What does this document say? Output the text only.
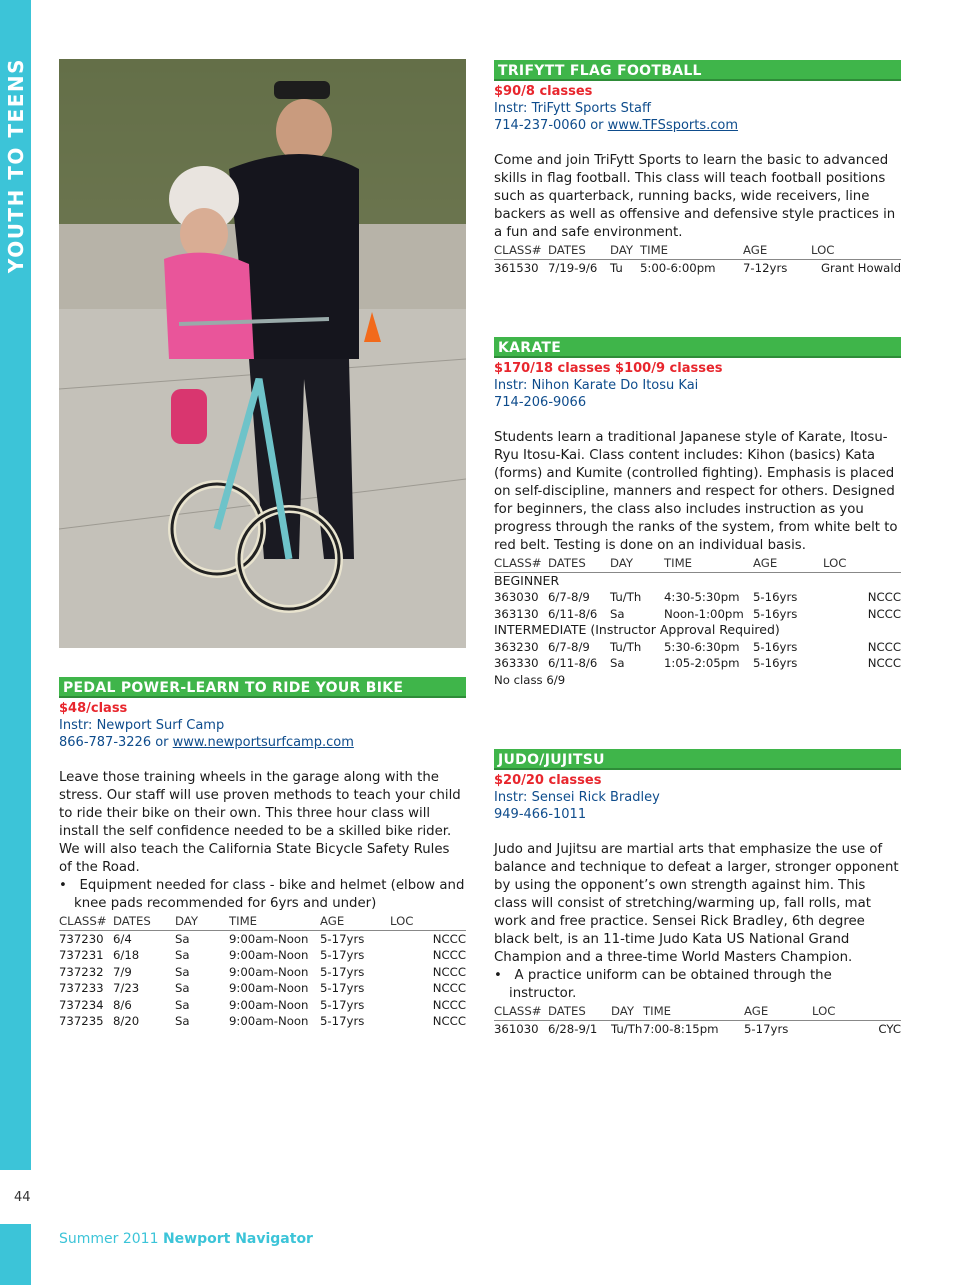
YOUTH TO TEENS
44
Summer 2011 Newport Navigator
TRIFYTT FLAG FOOTBALL
$90/8 classes
Instr: TriFytt Sports Staff
714-237-0060 or www.TFSsports.com
Come and join TriFytt Sports to learn the basic to advanced skills in flag football. This class will teach football positions such as quarterback, running backs, wide receivers, line backers as well as offensive and defensive style practices in a fun and safe environment.
CLASS#	DATES	DAY	TIME	AGE	LOC
361530	7/19-9/6	Tu	5:00-6:00pm	7-12yrs	Grant Howald
KARATE
$170/18 classes $100/9 classes
Instr: Nihon Karate Do Itosu Kai
714-206-9066
Students learn a traditional Japanese style of Karate, Itosu-Ryu Itosu-Kai. Class content includes: Kihon (basics) Kata (forms) and Kumite (controlled fighting). Emphasis is placed on self-discipline, manners and respect for others. Designed for beginners, the class also includes instruction as you progress through the ranks of the system, from white belt to red belt. Testing is done on an individual basis.
CLASS#	DATES	DAY	TIME	AGE	LOC
BEGINNER					
363030	6/7-8/9	Tu/Th	4:30-5:30pm	5-16yrs	NCCC
363130	6/11-8/6	Sa	Noon-1:00pm	5-16yrs	NCCC
INTERMEDIATE (Instructor Approval Required)					
363230	6/7-8/9	Tu/Th	5:30-6:30pm	5-16yrs	NCCC
363330	6/11-8/6	Sa	1:05-2:05pm	5-16yrs	NCCC
No class 6/9
JUDO/JUJITSU
$20/20 classes
Instr: Sensei Rick Bradley
949-466-1011
Judo and Jujitsu are martial arts that emphasize the use of balance and technique to defeat a larger, stronger opponent by using the opponent’s own strength against him. This class will consist of stretching/warming up, fall rolls, mat work and free practice. Sensei Rick Bradley, 6th degree black belt, is an 11-time Judo Kata US National Grand Champion and a three-time World Masters Champion.
•   A practice uniform can be obtained through the instructor.
CLASS#	DATES	DAY	TIME	AGE	LOC
361030	6/28-9/1	Tu/Th	7:00-8:15pm	5-17yrs	CYC
PEDAL POWER-LEARN TO RIDE YOUR BIKE
$48/class
Instr: Newport Surf Camp
866-787-3226 or www.newportsurfcamp.com
Leave those training wheels in the garage along with the stress. Our staff will use proven methods to teach your child to ride their bike on their own. This three hour class will install the self confidence needed to be a skilled bike rider. We will also teach the California State Bicycle Safety Rules of the Road.
•   Equipment needed for class - bike and helmet (elbow and knee pads recommended for 6yrs and under)
CLASS#	DATES	DAY	TIME	AGE	LOC
737230	6/4	Sa	9:00am-Noon	5-17yrs	NCCC
737231	6/18	Sa	9:00am-Noon	5-17yrs	NCCC
737232	7/9	Sa	9:00am-Noon	5-17yrs	NCCC
737233	7/23	Sa	9:00am-Noon	5-17yrs	NCCC
737234	8/6	Sa	9:00am-Noon	5-17yrs	NCCC
737235	8/20	Sa	9:00am-Noon	5-17yrs	NCCC
